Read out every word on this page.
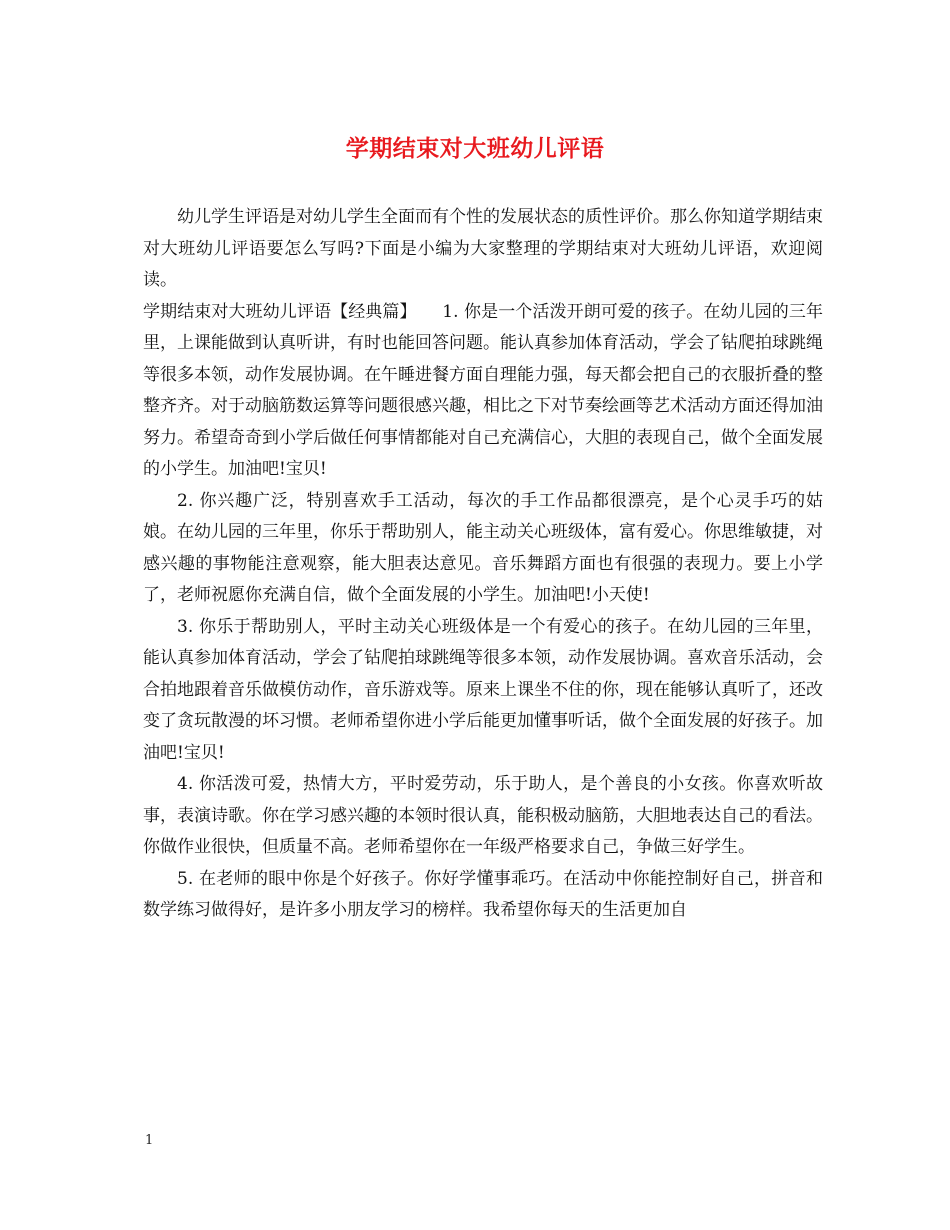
学期结束对大班幼儿评语

幼儿学生评语是对幼儿学生全面而有个性的发展状态的质性评价。那么你知道学期结束对大班幼儿评语要怎么写吗?下面是小编为大家整理的学期结束对大班幼儿评语，欢迎阅读。

学期结束对大班幼儿评语【经典篇】　　1. 你是一个活泼开朗可爱的孩子。在幼儿园的三年里，上课能做到认真听讲，有时也能回答问题。能认真参加体育活动，学会了钻爬拍球跳绳等很多本领，动作发展协调。在午睡进餐方面自理能力强，每天都会把自己的衣服折叠的整整齐齐。对于动脑筋数运算等问题很感兴趣，相比之下对节奏绘画等艺术活动方面还得加油努力。希望奇奇到小学后做任何事情都能对自己充满信心，大胆的表现自己，做个全面发展的小学生。加油吧!宝贝!

2. 你兴趣广泛，特别喜欢手工活动，每次的手工作品都很漂亮，是个心灵手巧的姑娘。在幼儿园的三年里，你乐于帮助别人，能主动关心班级体，富有爱心。你思维敏捷，对感兴趣的事物能注意观察，能大胆表达意见。音乐舞蹈方面也有很强的表现力。要上小学了，老师祝愿你充满自信，做个全面发展的小学生。加油吧!小天使!

3. 你乐于帮助别人，平时主动关心班级体是一个有爱心的孩子。在幼儿园的三年里，能认真参加体育活动，学会了钻爬拍球跳绳等很多本领，动作发展协调。喜欢音乐活动，会合拍地跟着音乐做模仿动作，音乐游戏等。原来上课坐不住的你，现在能够认真听了，还改变了贪玩散漫的坏习惯。老师希望你进小学后能更加懂事听话，做个全面发展的好孩子。加油吧!宝贝!

4. 你活泼可爱，热情大方，平时爱劳动，乐于助人，是个善良的小女孩。你喜欢听故事，表演诗歌。你在学习感兴趣的本领时很认真，能积极动脑筋，大胆地表达自己的看法。你做作业很快，但质量不高。老师希望你在一年级严格要求自己，争做三好学生。

5. 在老师的眼中你是个好孩子。你好学懂事乖巧。在活动中你能控制好自己，拼音和数学练习做得好，是许多小朋友学习的榜样。我希望你每天的生活更加自

1
